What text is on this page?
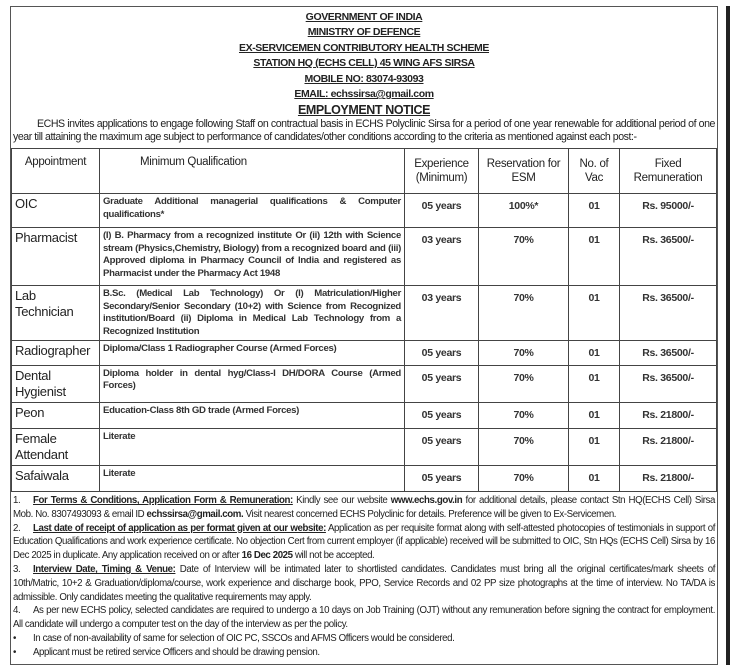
GOVERNMENT OF INDIA
MINISTRY OF DEFENCE
EX-SERVICEMEN CONTRIBUTORY HEALTH SCHEME
STATION HQ (ECHS CELL) 45 WING AFS SIRSA
MOBILE NO: 83074-93093
EMAIL: echssirsa@gmail.com
EMPLOYMENT NOTICE

ECHS invites applications to engage following Staff on contractual basis in ECHS Polyclinic Sirsa for a period of one year renewable for additional period of one year till attaining the maximum age subject to performance of candidates/other conditions according to the criteria as mentioned against each post:-

Appointment	Minimum Qualification	Experience (Minimum)	Reservation for ESM	No. of Vac	Fixed Remuneration
OIC	Graduate Additional managerial qualifications & Computer qualifications*	05 years	100%*	01	Rs. 95000/-
Pharmacist	(I) B. Pharmacy from a recognized institute Or (ii) 12th with Science stream (Physics,Chemistry, Biology) from a recognized board and (iii) Approved diploma in Pharmacy Council of India and registered as Pharmacist under the Pharmacy Act 1948	03 years	70%	01	Rs. 36500/-
Lab Technician	B.Sc. (Medical Lab Technology) Or (I) Matriculation/Higher Secondary/Senior Secondary (10+2) with Science from Recognized institution/Board (ii) Diploma in Medical Lab Technology from a Recognized Institution	03 years	70%	01	Rs. 36500/-
Radiographer	Diploma/Class 1 Radiographer Course (Armed Forces)	05 years	70%	01	Rs. 36500/-
Dental Hygienist	Diploma holder in dental hyg/Class-I DH/DORA Course (Armed Forces)	05 years	70%	01	Rs. 36500/-
Peon	Education-Class 8th GD trade (Armed Forces)	05 years	70%	01	Rs. 21800/-
Female Attendant	Literate	05 years	70%	01	Rs. 21800/-
Safaiwala	Literate	05 years	70%	01	Rs. 21800/-

1. For Terms & Conditions, Application Form & Remuneration: Kindly see our website www.echs.gov.in for additional details, please contact Stn HQ(ECHS Cell) Sirsa Mob. No. 8307493093 & email ID echssirsa@gmail.com. Visit nearest concerned ECHS Polyclinic for details. Preference will be given to Ex-Servicemen.

2. Last date of receipt of application as per format given at our website: Application as per requisite format along with self-attested photocopies of testimonials in support of Education Qualifications and work experience certificate. No objection Cert from current employer (if applicable) received will be submitted to OIC, Stn HQs (ECHS Cell) Sirsa by 16 Dec 2025 in duplicate. Any application received on or after 16 Dec 2025 will not be accepted.

3. Interview Date, Timing & Venue: Date of Interview will be intimated later to shortlisted candidates. Candidates must bring all the original certificates/mark sheets of 10th/Matric, 10+2 & Graduation/diploma/course, work experience and discharge book, PPO, Service Records and 02 PP size photographs at the time of interview. No TA/DA is admissible. Only candidates meeting the qualitative requirements may apply.

4. As per new ECHS policy, selected candidates are required to undergo a 10 days on Job Training (OJT) without any remuneration before signing the contract for employment. All candidate will undergo a computer test on the day of the interview as per the policy.

• In case of non-availability of same for selection of OIC PC, SSCOs and AFMS Officers would be considered.

• Applicant must be retired service Officers and should be drawing pension.
